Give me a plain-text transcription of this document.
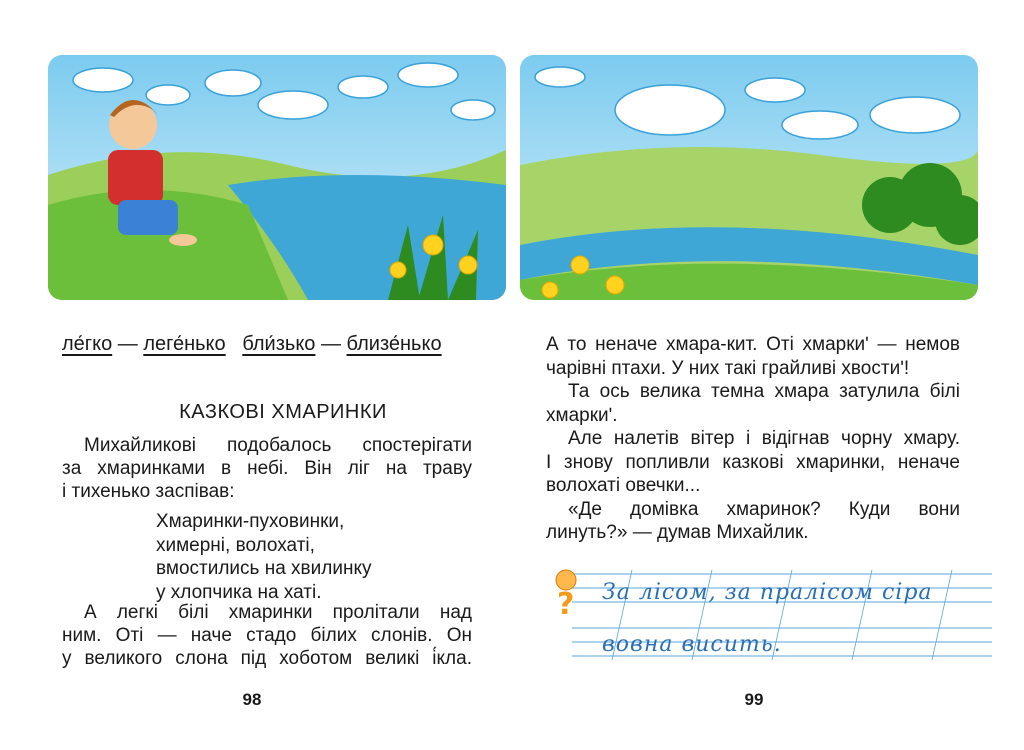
ле́гко — леге́нько бли́зько — близе́нько
КАЗКОВІ ХМАРИНКИ
Михайликові подобалось спостерігати
за хмаринками в небі. Він ліг на траву
і тихенько заспівав:
Хмаринки-пуховинки,
химерні, волохаті,
вмостились на хвилинку
у хлопчика на хаті.
А легкі білі хмаринки пролітали над
ним. Оті — наче стадо білих слонів. Он
у великого слона під хоботом великі і́кла.
98
А то неначе хмара-кит. Оті хмаркиʹ — немов
чарівні птахи. У них такі грайливі хвостиʹ!
Та ось велика темна хмара затулила білі
хмаркиʹ.
Але налетів вітер і відігнав чорну хмару.
І знову попливли казкові хмаринки, неначе
волохаті овечки...
«Де домівка хмаринок? Куди вони
линуть?» — думав Михайлик.
? За лісом, за пралісом сіра
вовна висить.
99
